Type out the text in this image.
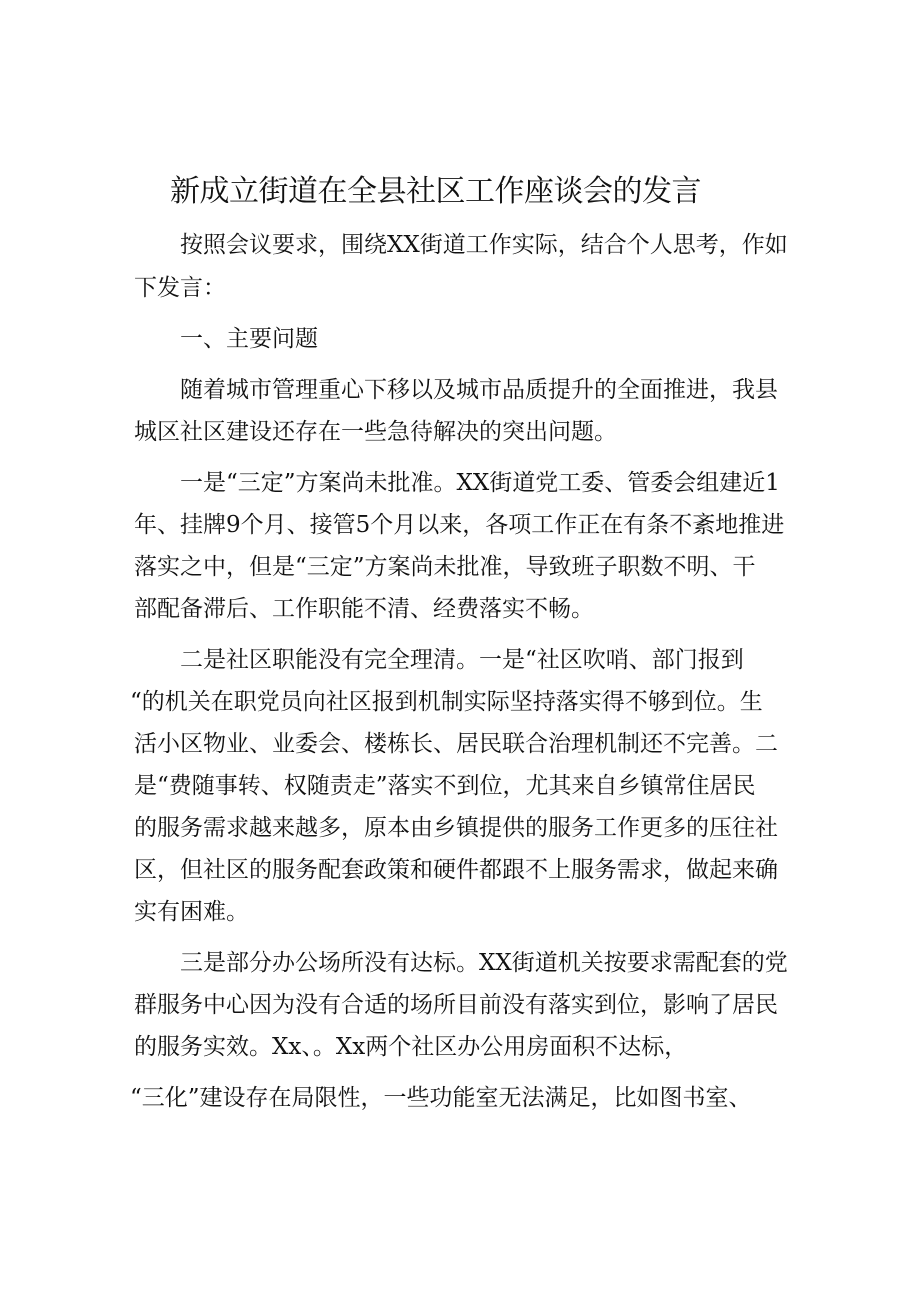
新成立街道在全县社区工作座谈会的发言
按照会议要求，围绕XX街道工作实际，结合个人思考，作如
下发言：
一、主要问题
随着城市管理重心下移以及城市品质提升的全面推进，我县
城区社区建设还存在一些急待解决的突出问题。
一是“三定”方案尚未批准。XX街道党工委、管委会组建近1
年、挂牌9个月、接管5个月以来，各项工作正在有条不紊地推进
落实之中，但是“三定”方案尚未批准，导致班子职数不明、干
部配备滞后、工作职能不清、经费落实不畅。
二是社区职能没有完全理清。一是“社区吹哨、部门报到
“的机关在职党员向社区报到机制实际坚持落实得不够到位。生
活小区物业、业委会、楼栋长、居民联合治理机制还不完善。二
是“费随事转、权随责走”落实不到位，尤其来自乡镇常住居民
的服务需求越来越多，原本由乡镇提供的服务工作更多的压往社
区，但社区的服务配套政策和硬件都跟不上服务需求，做起来确
实有困难。
三是部分办公场所没有达标。XX街道机关按要求需配套的党
群服务中心因为没有合适的场所目前没有落实到位，影响了居民
的服务实效。Xx、。Xx两个社区办公用房面积不达标，
“三化”建设存在局限性，一些功能室无法满足，比如图书室、
